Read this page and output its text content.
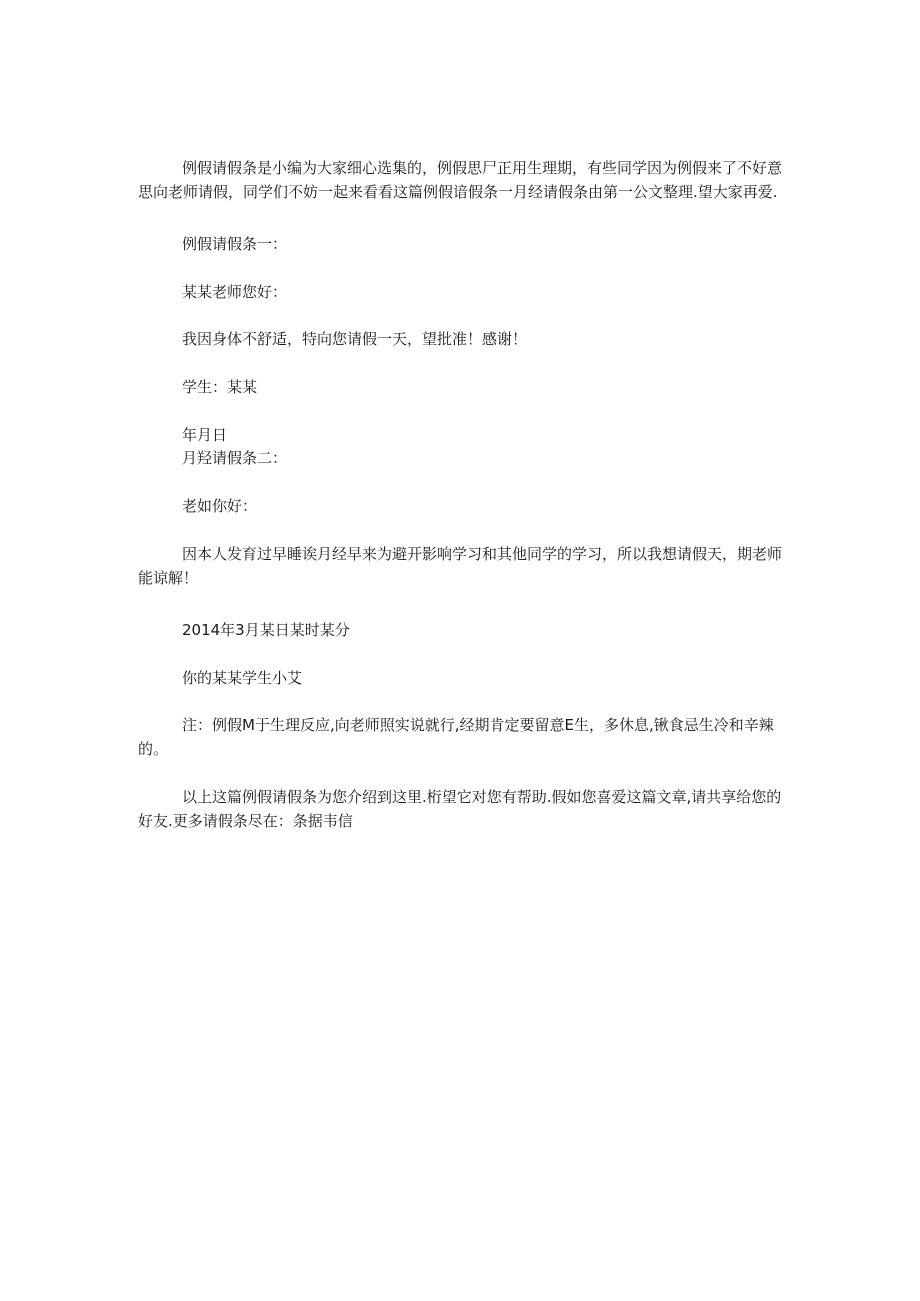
例假请假条是小编为大家细心选集的，例假思尸正用生理期，有些同学因为例假来了不好意思向老师请假，同学们不妨一起来看看这篇例假谙假条一月经请假条由第一公文整理.望大家再爱.

例假请假条一：

某某老师您好：

我因身体不舒适，特向您请假一天，望批准！感谢！

学生：某某

年月日

月羟请假条二：

老如你好：

因本人发育过早睡诶月经早来为避开影响学习和其他同学的学习，所以我想请假天，期老师能谅解！

2014年3月某日某时某分

你的某某学生小艾

注：例假M于生理反应,向老师照实说就行,经期肯定要留意E生，多休息,锹食忌生冷和辛辣的。

以上这篇例假请假条为您介绍到这里.桁望它对您有帮助.假如您喜爱这篇文章,请共享给您的好友.更多请假条尽在：条据韦信
